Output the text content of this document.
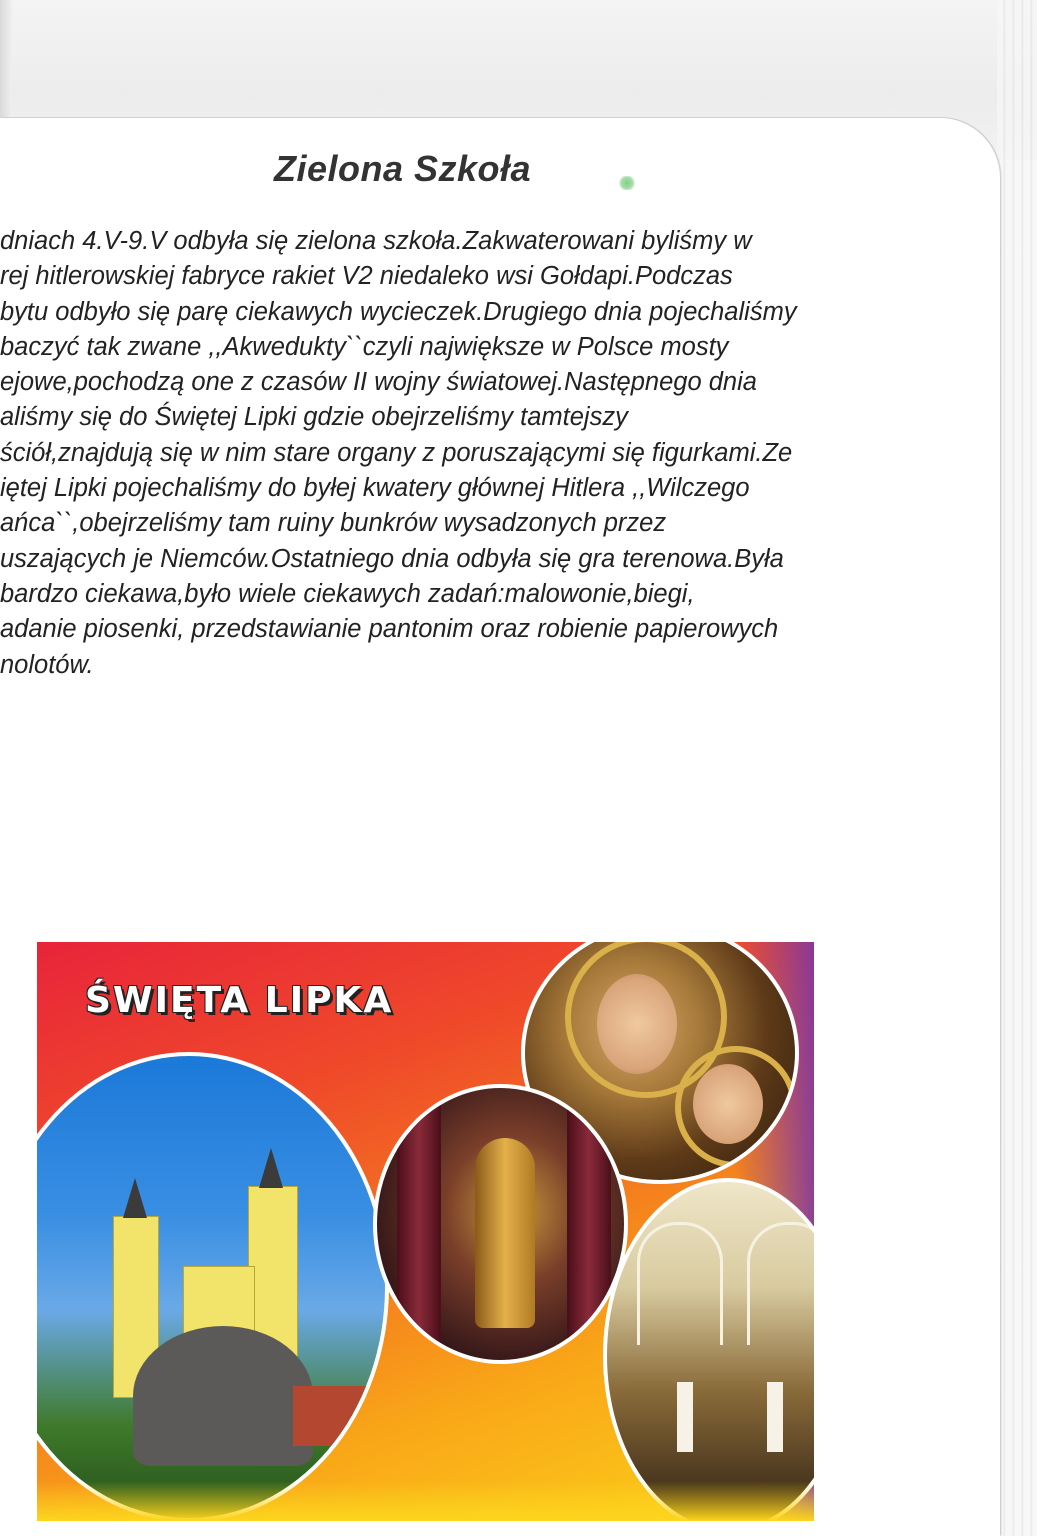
Zielona Szkoła
dniach 4.V-9.V odbyła się zielona szkoła.Zakwaterowani byliśmy w
rej hitlerowskiej fabryce rakiet V2 niedaleko wsi Gołdapi.Podczas
bytu odbyło się parę ciekawych wycieczek.Drugiego dnia pojechaliśmy
baczyć tak zwane ,,Akwedukty``czyli największe w Polsce mosty
ejowe,pochodzą one z czasów II wojny światowej.Następnego dnia
aliśmy się do Świętej Lipki gdzie obejrzeliśmy tamtejszy
ściół,znajdują się w nim stare organy z poruszającymi się figurkami.Ze
iętej Lipki pojechaliśmy do byłej kwatery głównej Hitlera ,,Wilczego
ańca``,obejrzeliśmy tam ruiny bunkrów wysadzonych przez
uszających je Niemców.Ostatniego dnia odbyła się gra terenowa.Była
bardzo ciekawa,było wiele ciekawych zadań:malowonie,biegi,
adanie piosenki, przedstawianie pantonim oraz robienie papierowych
nolotów.
ŚWIĘTA LIPKA
